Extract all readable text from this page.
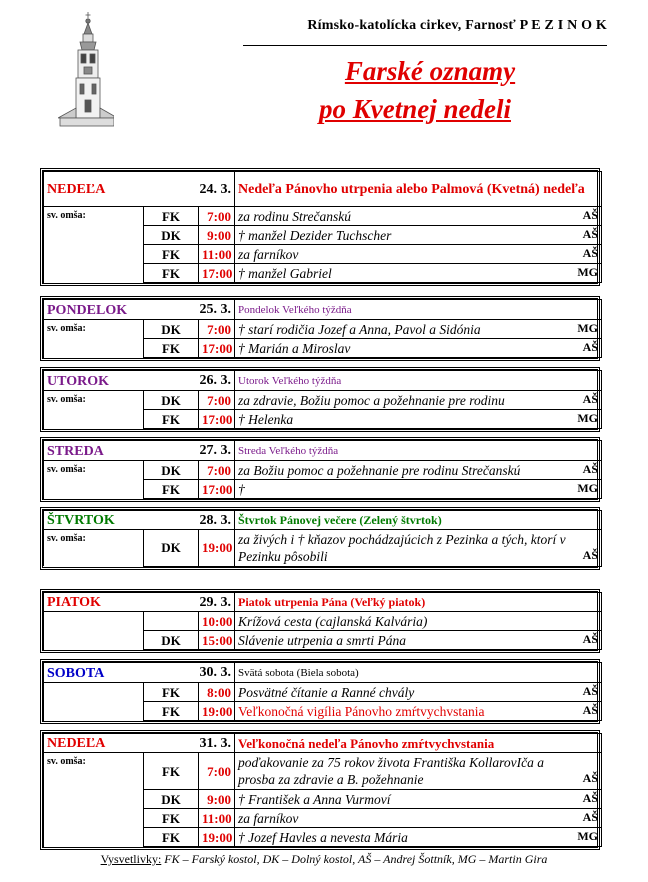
Rímsko-katolícka cirkev, Farnosť P E Z I N O K
Farské oznamy
po Kvetnej nedeli
NEDEĽA	24. 3.		Nedeľa Pánovho utrpenia alebo Palmová (Kvetná) nedeľa
sv. omša:	FK	7:00	za rodinu Strečanskú AŠ

	DK	9:00	† manžel Dezider Tuchscher AŠ

	FK	11:00	za farníkov AŠ

	FK	17:00	† manžel Gabriel MG
PONDELOK	25. 3.		Pondelok Veľkého týždňa
sv. omša:	DK	7:00	† starí rodičia Jozef a Anna, Pavol a Sidónia MG

	FK	17:00	† Marián a Miroslav AŠ
UTOROK	26. 3.		Utorok Veľkého týždňa
sv. omša:	DK	7:00	za zdravie, Božiu pomoc a požehnanie pre rodinu AŠ

	FK	17:00	† Helenka MG
STREDA	27. 3.		Streda Veľkého týždňa
sv. omša:	DK	7:00	za Božiu pomoc a požehnanie pre rodinu Strečanskú AŠ

	FK	17:00	† MG
ŠTVRTOK	28. 3.		Štvrtok Pánovej večere (Zelený štvrtok)
sv. omša:	DK	19:00	za živých i † kňazov pochádzajúcich z Pezinka a tých, ktorí v Pezinku pôsobili AŠ
PIATOK	29. 3.		Piatok utrpenia Pána (Veľký piatok)
		10:00	Krížová cesta (cajlanská Kalvária)

	DK	15:00	Slávenie utrpenia a smrti Pána AŠ
SOBOTA	30. 3.		Svätá sobota (Biela sobota)
	FK	8:00	Posvätné čítanie a Ranné chvály AŠ

	FK	19:00	Veľkonočná vigília Pánovho zmŕtvychvstania AŠ
NEDEĽA	31. 3.		Veľkonočná nedeľa Pánovho zmŕtvychvstania
sv. omša:	FK	7:00	poďakovanie za 75 rokov života Františka KollarovIča a prosba za zdravie a B. požehnanie AŠ

	DK	9:00	† František a Anna Vurmoví AŠ

	FK	11:00	za farníkov AŠ

	FK	19:00	† Jozef Havles a nevesta Mária MG
Vysvetlivky: FK – Farský kostol, DK – Dolný kostol, AŠ – Andrej Šottník, MG – Martin Gira
